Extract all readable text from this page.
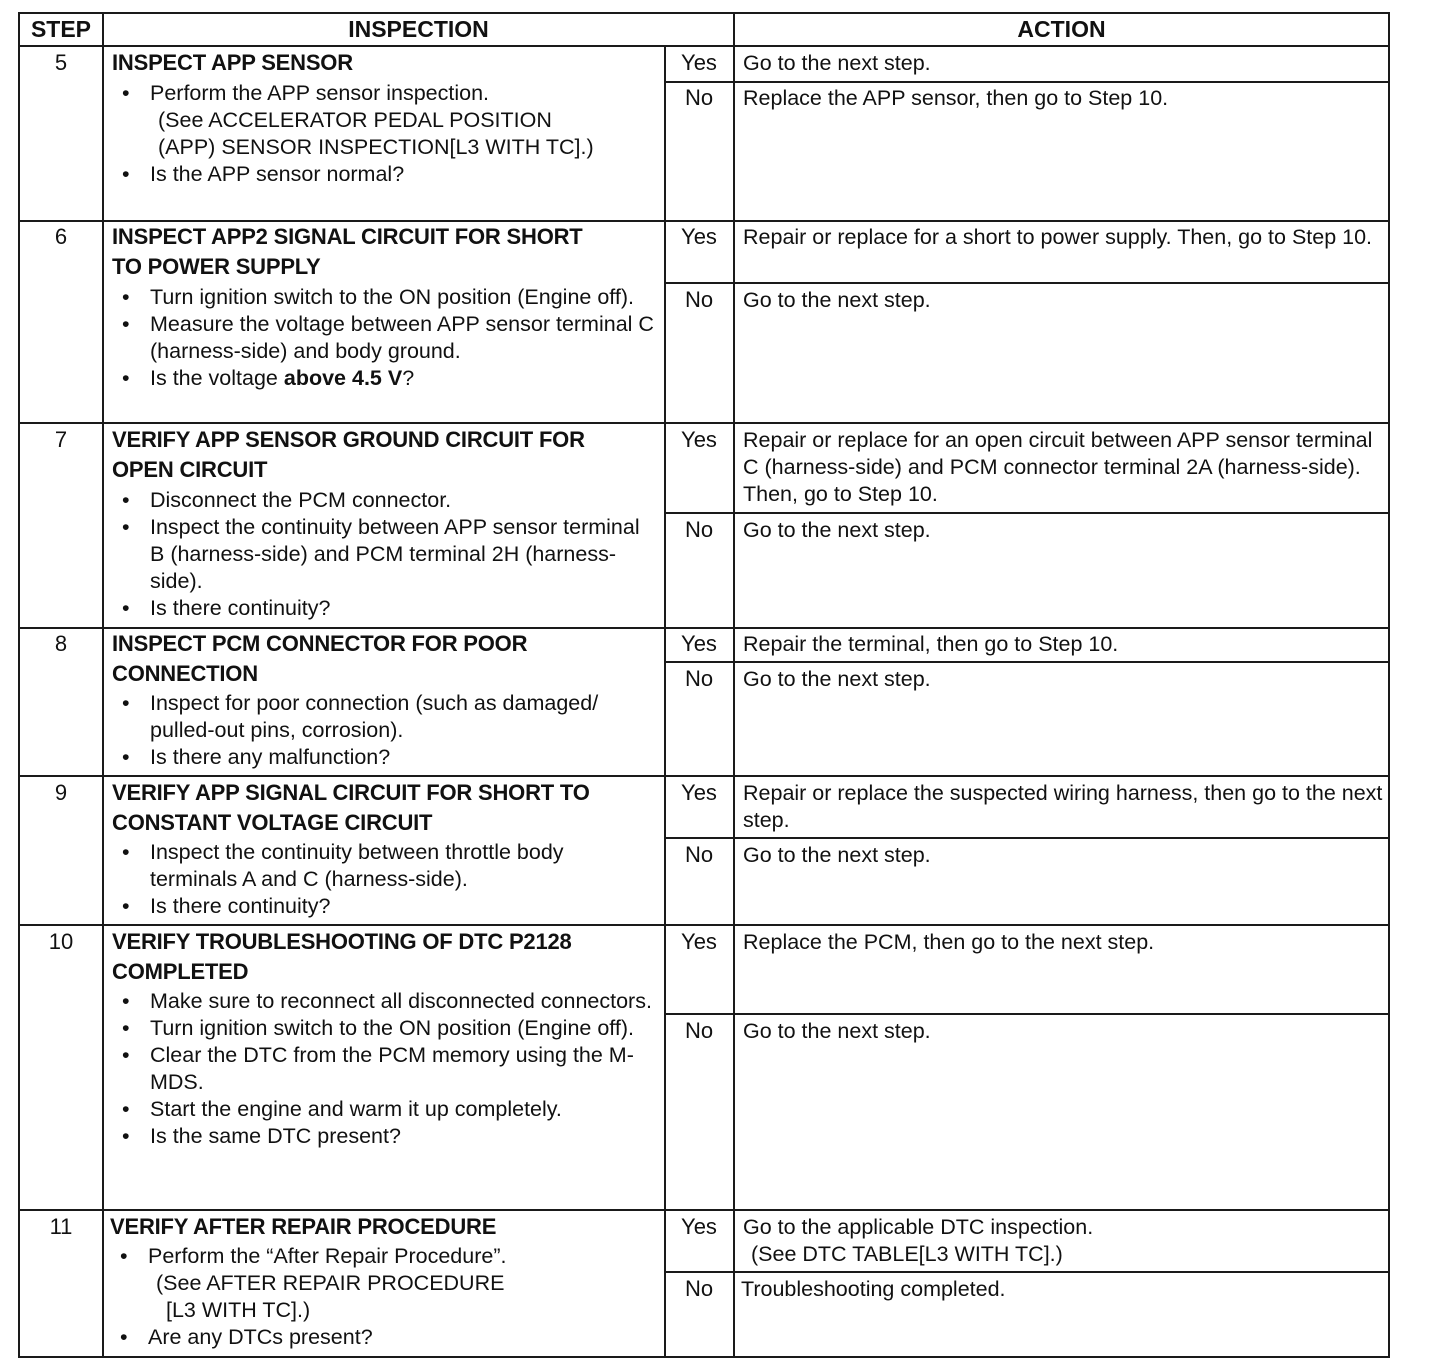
STEP	INSPECTION	ACTION
5	INSPECT APP SENSOR
• Perform the APP sensor inspection.
(See ACCELERATOR PEDAL POSITION
(APP) SENSOR INSPECTION[L3 WITH TC].)
• Is the APP sensor normal?
Yes	Go to the next step.
No	Replace the APP sensor, then go to Step 10.
6	INSPECT APP2 SIGNAL CIRCUIT FOR SHORT
TO POWER SUPPLY
• Turn ignition switch to the ON position (Engine off).
• Measure the voltage between APP sensor terminal C (harness-side) and body ground.
• Is the voltage above 4.5 V?
Yes	Repair or replace for a short to power supply. Then, go to Step 10.
No	Go to the next step.
7	VERIFY APP SENSOR GROUND CIRCUIT FOR
OPEN CIRCUIT
• Disconnect the PCM connector.
• Inspect the continuity between APP sensor terminal B (harness-side) and PCM terminal 2H (harness-side).
• Is there continuity?
Yes	Repair or replace for an open circuit between APP sensor terminal C (harness-side) and PCM connector terminal 2A (harness-side). Then, go to Step 10.
No	Go to the next step.
8	INSPECT PCM CONNECTOR FOR POOR
CONNECTION
• Inspect for poor connection (such as damaged/ pulled-out pins, corrosion).
• Is there any malfunction?
Yes	Repair the terminal, then go to Step 10.
No	Go to the next step.
9	VERIFY APP SIGNAL CIRCUIT FOR SHORT TO
CONSTANT VOLTAGE CIRCUIT
• Inspect the continuity between throttle body terminals A and C (harness-side).
• Is there continuity?
Yes	Repair or replace the suspected wiring harness, then go to the next step.
No	Go to the next step.
10	VERIFY TROUBLESHOOTING OF DTC P2128
COMPLETED
• Make sure to reconnect all disconnected connectors.
• Turn ignition switch to the ON position (Engine off).
• Clear the DTC from the PCM memory using the M-MDS.
• Start the engine and warm it up completely.
• Is the same DTC present?
Yes	Replace the PCM, then go to the next step.
No	Go to the next step.
11	VERIFY AFTER REPAIR PROCEDURE
• Perform the “After Repair Procedure”.
(See AFTER REPAIR PROCEDURE
[L3 WITH TC].)
• Are any DTCs present?
Yes	Go to the applicable DTC inspection.
(See DTC TABLE[L3 WITH TC].)
No	Troubleshooting completed.
